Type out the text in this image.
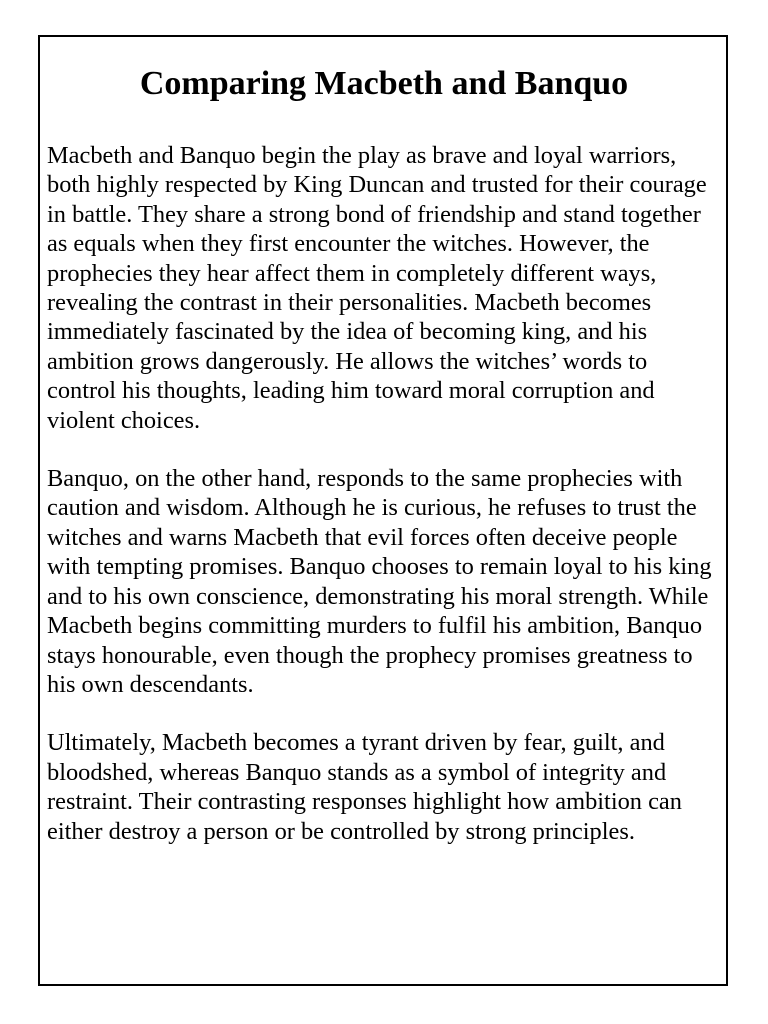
Comparing Macbeth and Banquo

Macbeth and Banquo begin the play as brave and loyal warriors, both highly respected by King Duncan and trusted for their courage in battle. They share a strong bond of friendship and stand together as equals when they first encounter the witches. However, the prophecies they hear affect them in completely different ways, revealing the contrast in their personalities. Macbeth becomes immediately fascinated by the idea of becoming king, and his ambition grows dangerously. He allows the witches’ words to control his thoughts, leading him toward moral corruption and violent choices.

Banquo, on the other hand, responds to the same prophecies with caution and wisdom. Although he is curious, he refuses to trust the witches and warns Macbeth that evil forces often deceive people with tempting promises. Banquo chooses to remain loyal to his king and to his own conscience, demonstrating his moral strength. While Macbeth begins committing murders to fulfil his ambition, Banquo stays honourable, even though the prophecy promises greatness to his own descendants.

Ultimately, Macbeth becomes a tyrant driven by fear, guilt, and bloodshed, whereas Banquo stands as a symbol of integrity and restraint. Their contrasting responses highlight how ambition can either destroy a person or be controlled by strong principles.
